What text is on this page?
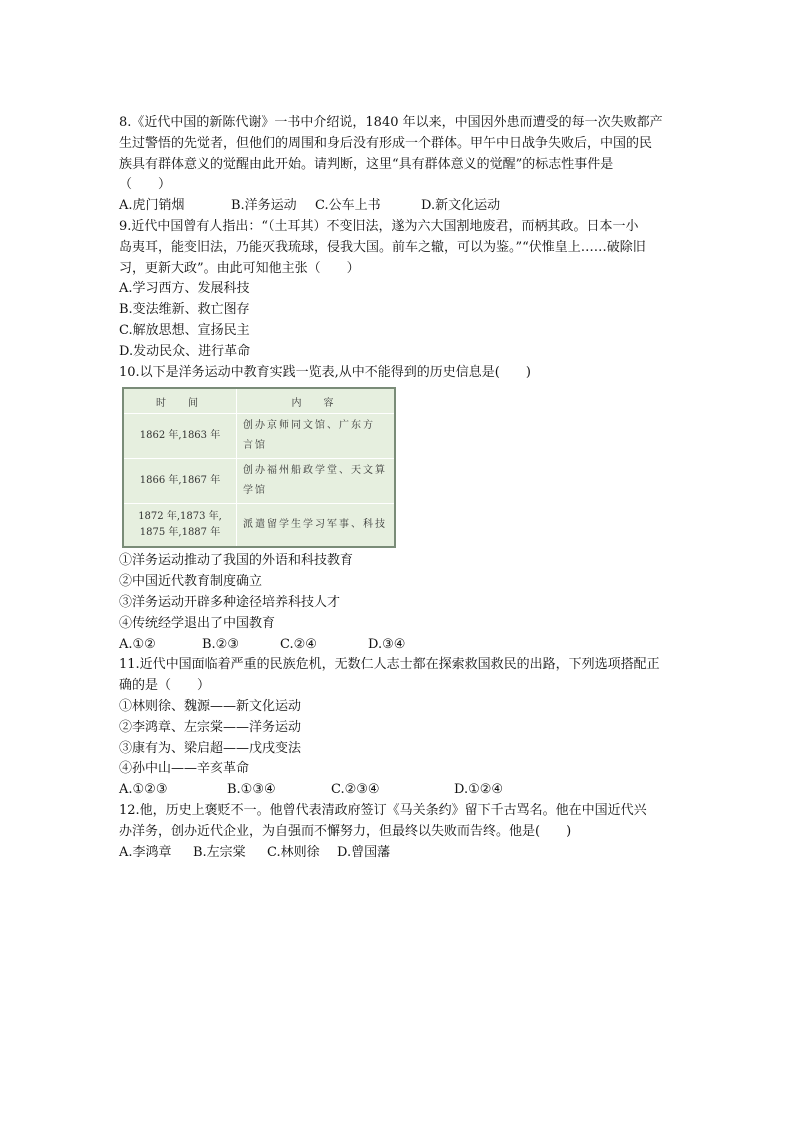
8.《近代中国的新陈代谢》一书中介绍说，1840 年以来，中国因外患而遭受的每一次失败都产
生过警悟的先觉者，但他们的周围和身后没有形成一个群体。甲午中日战争失败后，中国的民
族具有群体意义的觉醒由此开始。请判断，这里“具有群体意义的觉醒”的标志性事件是
（　　）
A.虎门销烟	B.洋务运动 C.公车上书	D.新文化运动
9.近代中国曾有人指出：“（土耳其）不变旧法，遂为六大国割地废君，而柄其政。日本一小
岛夷耳，能变旧法，乃能灭我琉球，侵我大国。前车之辙，可以为鉴。”“伏惟皇上……破除旧
习，更新大政”。由此可知他主张（　　）
A.学习西方、发展科技
B.变法维新、救亡图存
C.解放思想、宣扬民主
D.发动民众、进行革命
10.以下是洋务运动中教育实践一览表,从中不能得到的历史信息是(　　)
时　间	内　容
1862 年,1863 年	创办京师同文馆、广东方
言馆
1866 年,1867 年	创办福州船政学堂、天文算
学馆
1872 年,1873 年,
1875 年,1887 年	派遣留学生学习军事、科技
①洋务运动推动了我国的外语和科技教育
②中国近代教育制度确立
③洋务运动开辟多种途径培养科技人才
④传统经学退出了中国教育
A.①②	B.②③	C.②④	D.③④
11.近代中国面临着严重的民族危机，无数仁人志士都在探索救国救民的出路，下列选项搭配正
确的是（　　）
①林则徐、魏源——新文化运动
②李鸿章、左宗棠——洋务运动
③康有为、梁启超——戊戌变法
④孙中山——辛亥革命
A.①②③	B.①③④	C.②③④	D.①②④
12.他，历史上褒贬不一。他曾代表清政府签订《马关条约》留下千古骂名。他在中国近代兴
办洋务，创办近代企业，为自强而不懈努力，但最终以失败而告终。他是(　　)
A.李鸿章 B.左宗棠 C.林则徐 D.曾国藩
